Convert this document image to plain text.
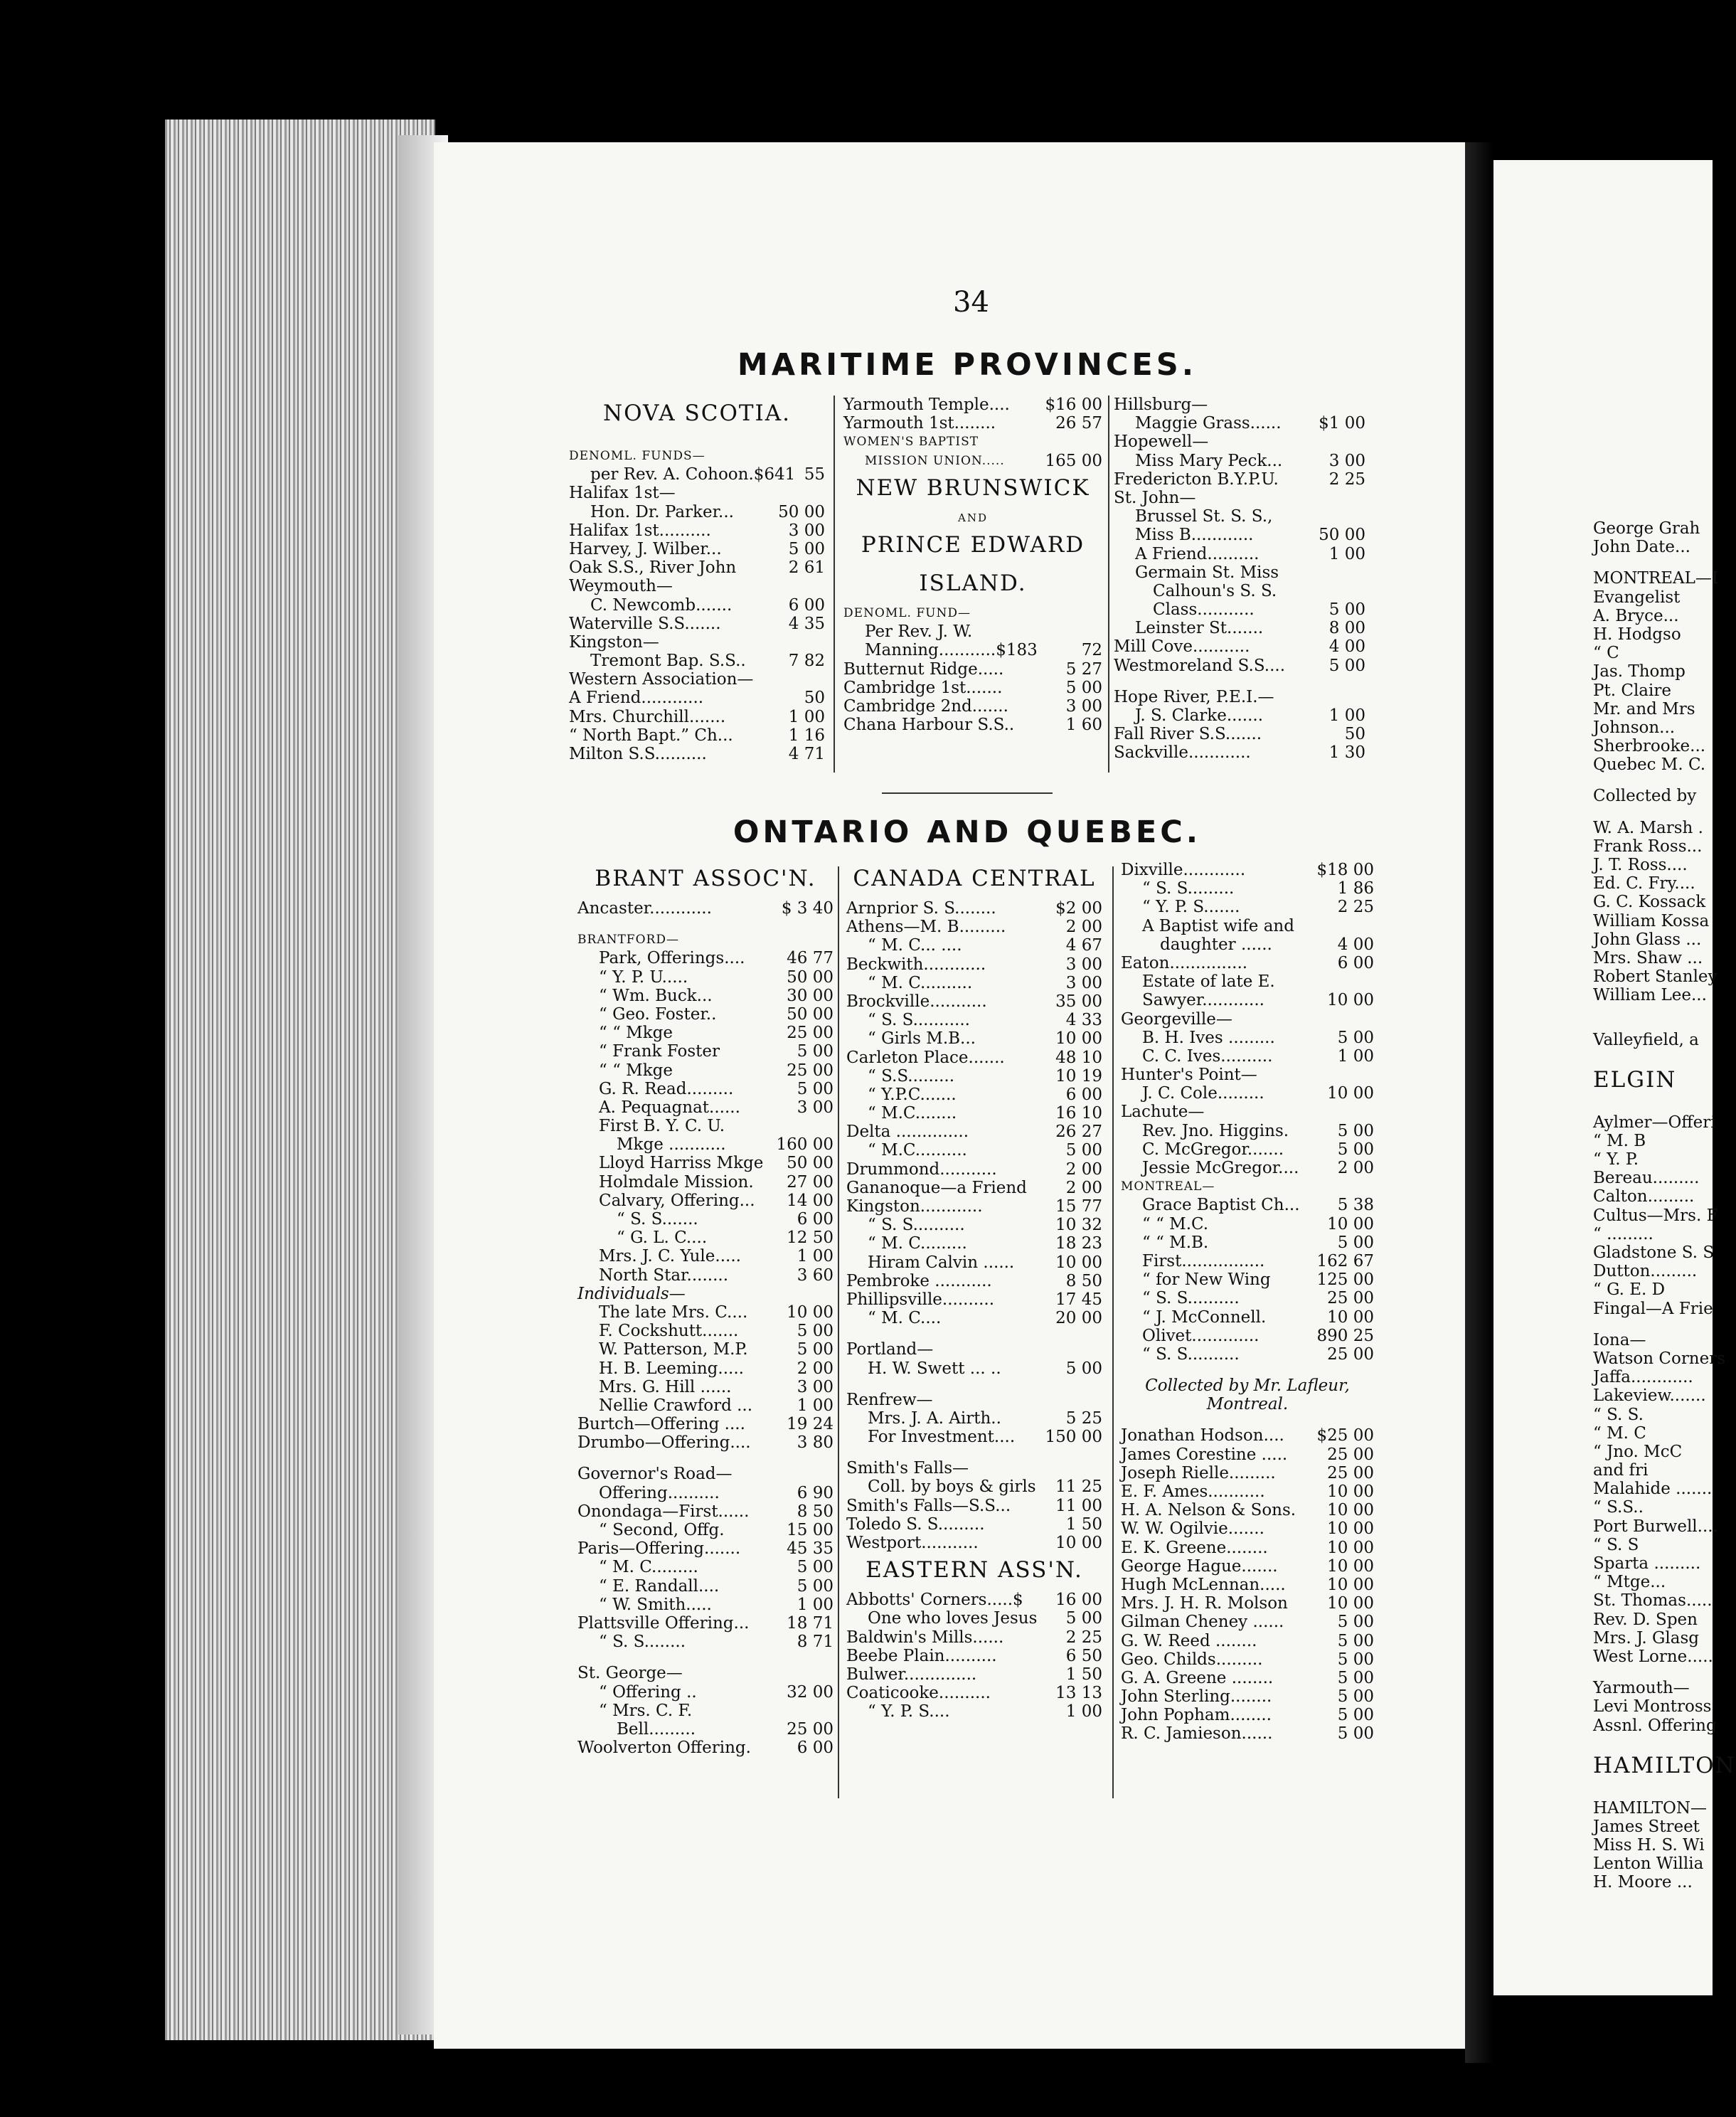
George Grah
John Date...
MONTREAL—I
Evangelist
A. Bryce...
H. Hodgso
“ C
Jas. Thomp
Pt. Claire
Mr. and Mrs
Johnson...
Sherbrooke...
Quebec M. C.
Collected by
W. A. Marsh .
Frank Ross...
J. T. Ross....
Ed. C. Fry....
G. C. Kossack
William Kossa
John Glass ...
Mrs. Shaw ...
Robert Stanley
William Lee...
Valleyfield, a
ELGIN
Aylmer—Offeri
“ M. B
“ Y. P.
Bereau.........
Calton.........
Cultus—Mrs. F
“ .........
Gladstone S. S
Dutton.........
“ G. E. D
Fingal—A Frie
Iona—
Watson Corners
Jaffa............
Lakeview.......
“ S. S.
“ M. C
“ Jno. McC
and fri
Malahide .......
“ S.S..
Port Burwell....
“ S. S
Sparta .........
“ Mtge...
St. Thomas.....
Rev. D. Spen
Mrs. J. Glasg
West Lorne.....
Yarmouth—
Levi Montross
Assnl. Offering
HAMILTON
HAMILTON—
James Street
Miss H. S. Wi
Lenton Willia
H. Moore ...
34
MARITIME PROVINCES.
ONTARIO AND QUEBEC.
NOVA SCOTIA.
DENOML. FUNDS—
per Rev. A. Cohoon.$641 55
Halifax 1st—
Hon. Dr. Parker...	50 00
Halifax 1st..........	3 00
Harvey, J. Wilber...	5 00
Oak S.S., River John	2 61
Weymouth—
C. Newcomb.......	6 00
Waterville S.S.......	4 35
Kingston—
Tremont Bap. S.S..	7 82
Western Association—
A Friend............	50
Mrs. Churchill.......	1 00
“ North Bapt.” Ch...	1 16
Milton S.S..........	4 71
Yarmouth Temple....	$16 00
Yarmouth 1st........	26 57
WOMEN'S BAPTIST
MISSION UNION.....	165 00
NEW BRUNSWICK
AND
PRINCE EDWARD
ISLAND.
DENOML. FUND—
Per Rev. J. W.
Manning...........$183	72
Butternut Ridge.....	5 27
Cambridge 1st.......	5 00
Cambridge 2nd.......	3 00
Chana Harbour S.S..	1 60
Hillsburg—
Maggie Grass......	$1 00
Hopewell—
Miss Mary Peck...	3 00
Fredericton B.Y.P.U.	2 25
St. John—
Brussel St. S. S.,
Miss B............	50 00
A Friend..........	1 00
Germain St. Miss
Calhoun's S. S.
Class...........	5 00
Leinster St.......	8 00
Mill Cove...........	4 00
Westmoreland S.S....	5 00
Hope River, P.E.I.—
J. S. Clarke.......	1 00
Fall River S.S.......	50
Sackville............	1 30
BRANT ASSOC'N.
Ancaster............	$ 3 40
BRANTFORD—
Park, Offerings....	46 77
“ Y. P. U.....	50 00
“ Wm. Buck...	30 00
“ Geo. Foster..	50 00
“ “ Mkge	25 00
“ Frank Foster	5 00
“ “ Mkge	25 00
G. R. Read.........	5 00
A. Pequagnat......	3 00
First B. Y. C. U.
Mkge ...........	160 00
Lloyd Harriss Mkge	50 00
Holmdale Mission.	27 00
Calvary, Offering...	14 00
“ S. S.......	6 00
“ G. L. C....	12 50
Mrs. J. C. Yule.....	1 00
North Star........	3 60
Individuals—
The late Mrs. C....	10 00
F. Cockshutt.......	5 00
W. Patterson, M.P.	5 00
H. B. Leeming.....	2 00
Mrs. G. Hill ......	3 00
Nellie Crawford ...	1 00
Burtch—Offering ....	19 24
Drumbo—Offering....	3 80
Governor's Road—
Offering..........	6 90
Onondaga—First......	8 50
“ Second, Offg.	15 00
Paris—Offering.......	45 35
“ M. C.........	5 00
“ E. Randall....	5 00
“ W. Smith.....	1 00
Plattsville Offering...	18 71
“ S. S........	8 71
St. George—
“ Offering ..	32 00
“ Mrs. C. F.
Bell.........	25 00
Woolverton Offering.	6 00
CANADA CENTRAL
Arnprior S. S........	$2 00
Athens—M. B.........	2 00
“ M. C... ....	4 67
Beckwith............	3 00
“ M. C..........	3 00
Brockville...........	35 00
“ S. S...........	4 33
“ Girls M.B...	10 00
Carleton Place.......	48 10
“ S.S.........	10 19
“ Y.P.C.......	6 00
“ M.C........	16 10
Delta ..............	26 27
“ M.C..........	5 00
Drummond...........	2 00
Gananoque—a Friend	2 00
Kingston............	15 77
“ S. S..........	10 32
“ M. C.........	18 23
Hiram Calvin ......	10 00
Pembroke ...........	8 50
Phillipsville..........	17 45
“ M. C....	20 00
Portland—
H. W. Swett ... ..	5 00
Renfrew—
Mrs. J. A. Airth..	5 25
For Investment....	150 00
Smith's Falls—
Coll. by boys & girls	11 25
Smith's Falls—S.S...	11 00
Toledo S. S.........	1 50
Westport...........	10 00
EASTERN ASS'N.
Abbotts' Corners.....$	16 00
One who loves Jesus	5 00
Baldwin's Mills......	2 25
Beebe Plain..........	6 50
Bulwer..............	1 50
Coaticooke..........	13 13
“ Y. P. S....	1 00
Dixville............	$18 00
“ S. S.........	1 86
“ Y. P. S.......	2 25
A Baptist wife and
daughter ......	4 00
Eaton...............	6 00
Estate of late E.
Sawyer............	10 00
Georgeville—
B. H. Ives .........	5 00
C. C. Ives..........	1 00
Hunter's Point—
J. C. Cole.........	10 00
Lachute—
Rev. Jno. Higgins.	5 00
C. McGregor.......	5 00
Jessie McGregor....	2 00
MONTREAL—
Grace Baptist Ch...	5 38
“ “ M.C.	10 00
“ “ M.B.	5 00
First................	162 67
“ for New Wing	125 00
“ S. S..........	25 00
“ J. McConnell.	10 00
Olivet.............	890 25
“ S. S..........	25 00
Collected by Mr. Lafleur,
Montreal.
Jonathan Hodson....	$25 00
James Corestine .....	25 00
Joseph Rielle.........	25 00
E. F. Ames...........	10 00
H. A. Nelson & Sons.	10 00
W. W. Ogilvie.......	10 00
E. K. Greene........	10 00
George Hague.......	10 00
Hugh McLennan.....	10 00
Mrs. J. H. R. Molson	10 00
Gilman Cheney ......	5 00
G. W. Reed ........	5 00
Geo. Childs.........	5 00
G. A. Greene ........	5 00
John Sterling........	5 00
John Popham........	5 00
R. C. Jamieson......	5 00
